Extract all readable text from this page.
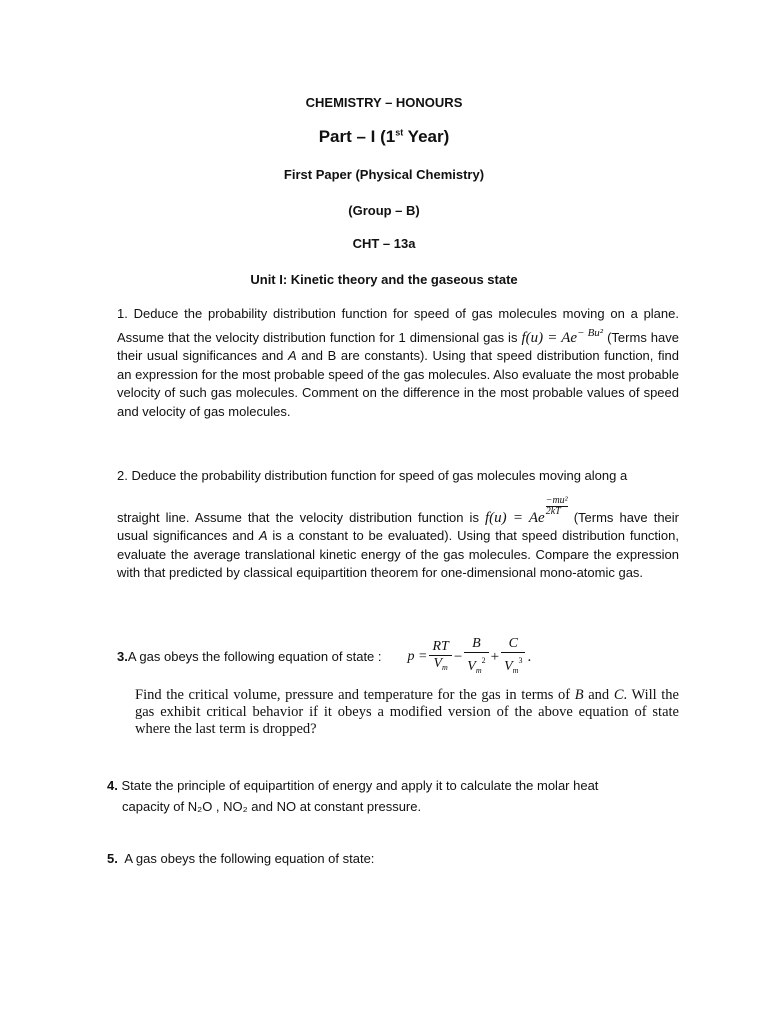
CHEMISTRY – HONOURS
Part – I (1st Year)
First Paper (Physical Chemistry)
(Group – B)
CHT – 13a
Unit I: Kinetic theory and the gaseous state
1. Deduce the probability distribution function for speed of gas molecules moving on a plane. Assume that the velocity distribution function for 1 dimensional gas is $f(u) = Ae^{- Bu^2}$ (Terms have their usual significances and A and B are constants). Using that speed distribution function, find an expression for the most probable speed of the gas molecules. Also evaluate the most probable velocity of such gas molecules. Comment on the difference in the most probable values of speed and velocity of gas molecules.
2. Deduce the probability distribution function for speed of gas molecules moving along a
straight line. Assume that the velocity distribution function is f(u) = Ae
$\frac{\text{−mu²}}{2kT}$
(Terms have their usual significances and A is a constant to be evaluated). Using that speed distribution function, evaluate the average translational kinetic energy of the gas molecules. Compare the expression with that predicted by classical equipartition theorem for one-dimensional mono-atomic gas.
3. A gas obeys the following equation of state : $p = \frac{RT}{V_m} - \frac{B}{V_m^2} + \frac{C}{V_m^3}$ .
Find the critical volume, pressure and temperature for the gas in terms of B and C. Will the gas exhibit critical behavior if it obeys a modified version of the above equation of state where the last term is dropped?
4. State the principle of equipartition of energy and apply it to calculate the molar heat
capacity of N₂O , NO₂ and NO at constant pressure.
5.  A gas obeys the following equation of state:
